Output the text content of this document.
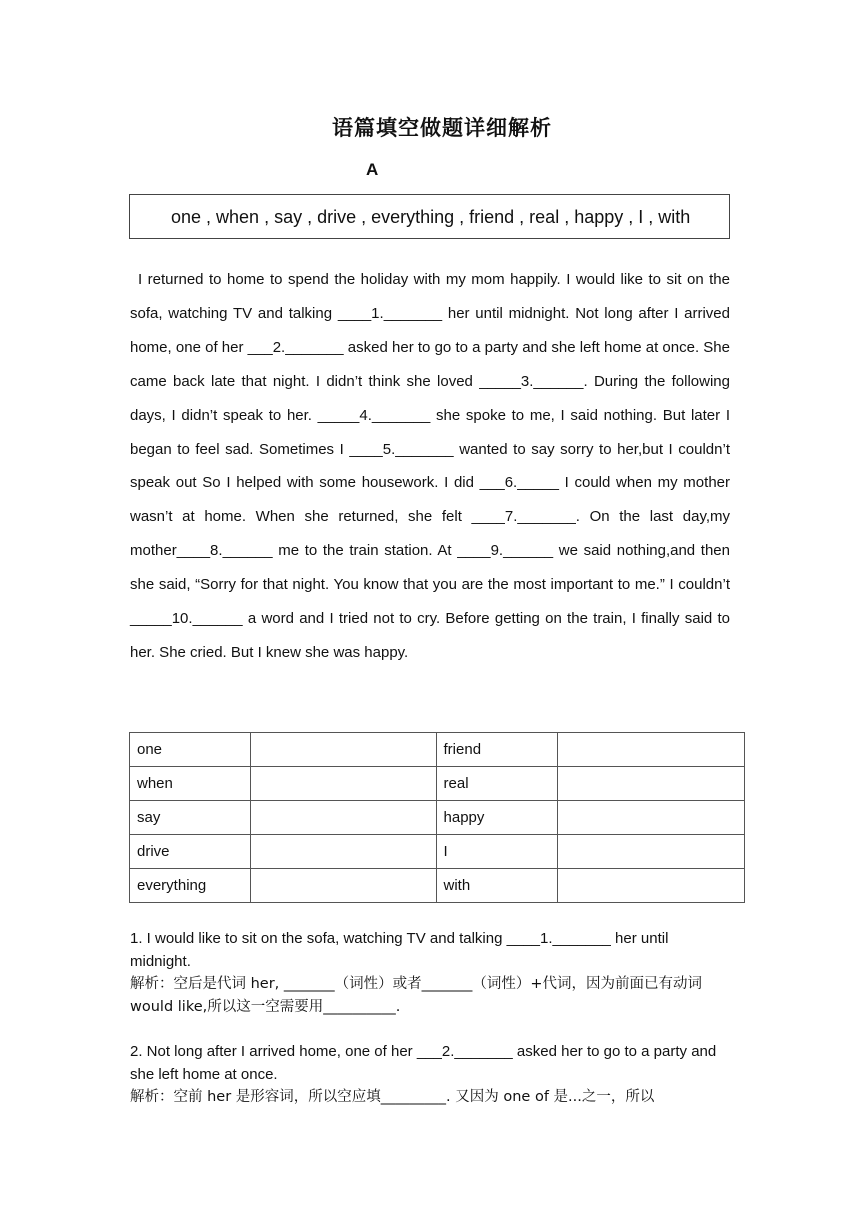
语篇填空做题详细解析
A
one , when , say , drive , everything , friend , real , happy , I , with
I returned to home to spend the holiday with my mom happily. I would like to sit on the sofa, watching TV and talking ____1._______ her until midnight. Not long after I arrived home, one of her ___2._______ asked her to go to a party and she left home at once. She came back late that night. I didn’t think she loved _____3.______. During the following days, I didn’t speak to her. _____4._______ she spoke to me, I said nothing. But later I began to feel sad. Sometimes I ____5._______ wanted to say sorry to her,but I couldn’t speak out So I helped with some housework. I did ___6._____ I could when my mother wasn’t at home. When she returned, she felt ____7._______. On the last day,my mother____8.______ me to the train station. At ____9.______ we said nothing,and then she said, “Sorry for that night. You know that you are the most important to me.” I couldn’t _____10.______ a word and I tried not to cry. Before getting on the train, I finally said to her. She cried. But I knew she was happy.
one		friend	
when		real	
say		happy	
drive		I	
everything		with	
1. I would like to sit on the sofa, watching TV and talking ____1._______ her until midnight.
解析：空后是代词 her, _______（词性）或者_______（词性）+代词，因为前面已有动词 would like,所以这一空需要用__________.
2. Not long after I arrived home, one of her ___2._______ asked her to go to a party and she left home at once.
解析：空前 her 是形容词，所以空应填_________. 又因为 one of 是...之一，所以
